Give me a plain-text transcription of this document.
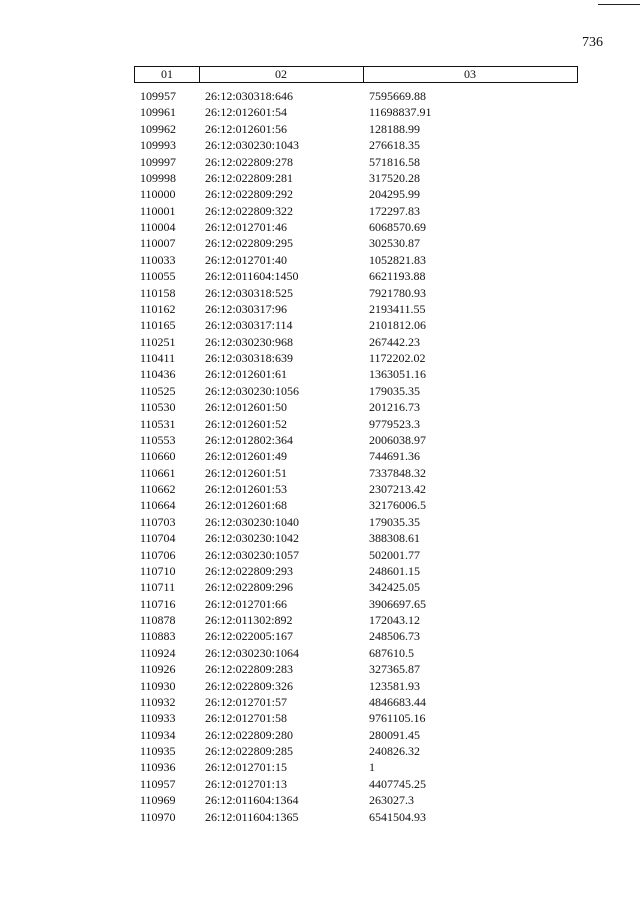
736
01	02	03
109957 26:12:030318:646	7595669.88
109961 26:12:012601:54	11698837.91
109962 26:12:012601:56	128188.99
109993 26:12:030230:1043	276618.35
109997 26:12:022809:278	571816.58
109998 26:12:022809:281	317520.28
110000 26:12:022809:292	204295.99
110001 26:12:022809:322	172297.83
110004 26:12:012701:46	6068570.69
110007 26:12:022809:295	302530.87
110033 26:12:012701:40	1052821.83
110055 26:12:011604:1450	6621193.88
110158 26:12:030318:525	7921780.93
110162 26:12:030317:96	2193411.55
110165 26:12:030317:114	2101812.06
110251 26:12:030230:968	267442.23
110411 26:12:030318:639	1172202.02
110436 26:12:012601:61	1363051.16
110525 26:12:030230:1056	179035.35
110530 26:12:012601:50	201216.73
110531 26:12:012601:52	9779523.3
110553 26:12:012802:364	2006038.97
110660 26:12:012601:49	744691.36
110661 26:12:012601:51	7337848.32
110662 26:12:012601:53	2307213.42
110664 26:12:012601:68	32176006.5
110703 26:12:030230:1040	179035.35
110704 26:12:030230:1042	388308.61
110706 26:12:030230:1057	502001.77
110710 26:12:022809:293	248601.15
110711 26:12:022809:296	342425.05
110716 26:12:012701:66	3906697.65
110878 26:12:011302:892	172043.12
110883 26:12:022005:167	248506.73
110924 26:12:030230:1064	687610.5
110926 26:12:022809:283	327365.87
110930 26:12:022809:326	123581.93
110932 26:12:012701:57	4846683.44
110933 26:12:012701:58	9761105.16
110934 26:12:022809:280	280091.45
110935 26:12:022809:285	240826.32
110936 26:12:012701:15	1
110957 26:12:012701:13	4407745.25
110969 26:12:011604:1364	263027.3
110970 26:12:011604:1365	6541504.93
